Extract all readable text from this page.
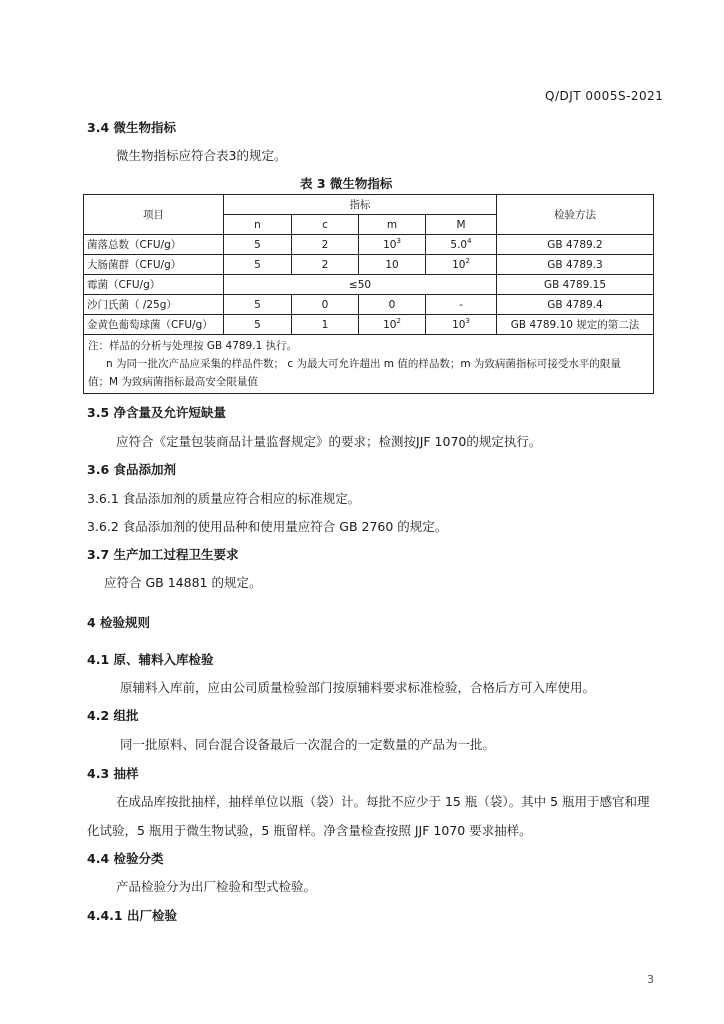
Q/DJT 0005S-2021
3.4 微生物指标
微生物指标应符合表3的规定。
表 3 微生物指标
项目	指标				检验方法
	n	c	m	M	
菌落总数（CFU/g）	5	2	$10^3$	$5.0^4$	GB 4789.2
大肠菌群（CFU/g）	5	2	10	$10^2$	GB 4789.3
霉菌（CFU/g）	≤50				GB 4789.15
沙门氏菌（ /25g）	5	0	0	-	GB 4789.4
金黄色葡萄球菌（CFU/g）	5	1	$10^2$	$10^3$	GB 4789.10 规定的第二法

注：样品的分析与处理按 GB 4789.1 执行。
n 为同一批次产品应采集的样品件数； c 为最大可允许超出 m 值的样品数；m 为致病菌指标可接受水平的限量
值；M 为致病菌指标最高安全限量值					
3.5 净含量及允许短缺量
应符合《定量包装商品计量监督规定》的要求；检测按JJF 1070的规定执行。
3.6 食品添加剂
3.6.1 食品添加剂的质量应符合相应的标准规定。
3.6.2 食品添加剂的使用品种和使用量应符合 GB 2760 的规定。
3.7 生产加工过程卫生要求
应符合 GB 14881 的规定。
4 检验规则
4.1 原、辅料入库检验
原辅料入库前，应由公司质量检验部门按原辅料要求标准检验，合格后方可入库使用。
4.2 组批
同一批原料、同台混合设备最后一次混合的一定数量的产品为一批。
4.3 抽样
在成品库按批抽样，抽样单位以瓶（袋）计。每批不应少于 15 瓶（袋）。其中 5 瓶用于感官和理
化试验，5 瓶用于微生物试验，5 瓶留样。净含量检查按照 JJF 1070 要求抽样。
4.4 检验分类
产品检验分为出厂检验和型式检验。
4.4.1 出厂检验
3
